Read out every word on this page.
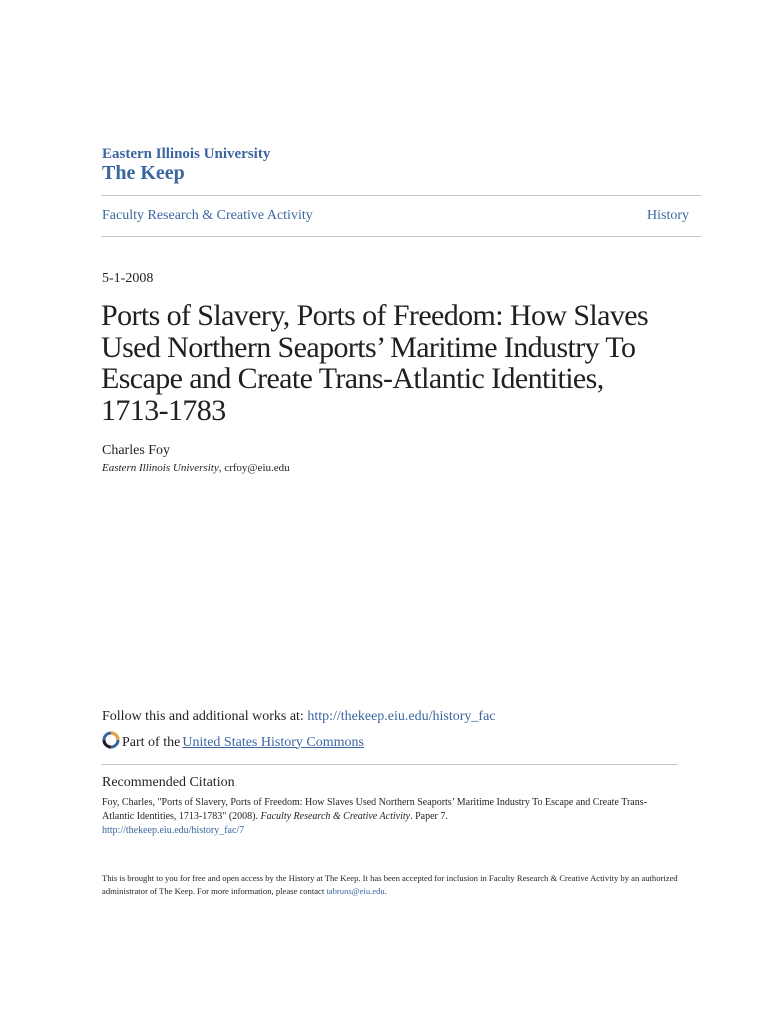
Eastern Illinois University
The Keep
Faculty Research & Creative Activity	History
5-1-2008
Ports of Slavery, Ports of Freedom: How Slaves Used Northern Seaports’ Maritime Industry To Escape and Create Trans-Atlantic Identities, 1713-1783
Charles Foy
Eastern Illinois University, crfoy@eiu.edu
Follow this and additional works at: http://thekeep.eiu.edu/history_fac
Part of the United States History Commons
Recommended Citation
Foy, Charles, "Ports of Slavery, Ports of Freedom: How Slaves Used Northern Seaports’ Maritime Industry To Escape and Create Trans-Atlantic Identities, 1713-1783" (2008). Faculty Research & Creative Activity. Paper 7.
http://thekeep.eiu.edu/history_fac/7
This is brought to you for free and open access by the History at The Keep. It has been accepted for inclusion in Faculty Research & Creative Activity by an authorized administrator of The Keep. For more information, please contact tabruns@eiu.edu.
